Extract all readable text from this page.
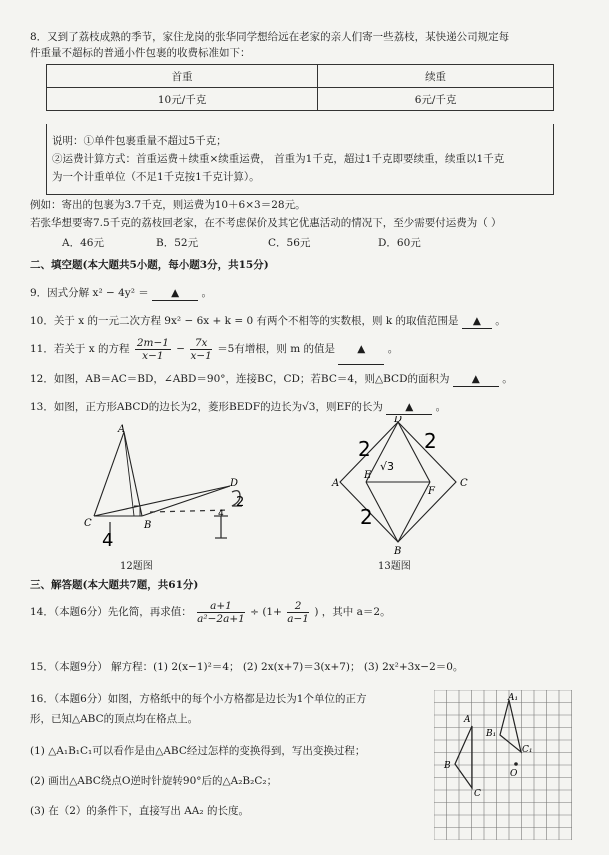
8．又到了荔枝成熟的季节，家住龙岗的张华同学想给远在老家的亲人们寄一些荔枝，某快递公司规定每
件重量不超标的普通小件包裹的收费标准如下：
首重	续重
10元/千克	6元/千克
说明：①单件包裹重量不超过5千克；
②运费计算方式：首重运费＋续重×续重运费， 首重为1千克，超过1千克即要续重，续重以1千克
为一个计重单位（不足1千克按1千克计算）。
例如：寄出的包裹为3.7千克，则运费为10＋6×3＝28元。
若张华想要寄7.5千克的荔枝回老家，在不考虑保价及其它优惠活动的情况下，至少需要付运费为（ ）
A．46元	B．52元	C．56元	D．60元
二、填空题(本大题共5小题，每小题3分，共15分)
9．因式分解 x² − 4y² ＝ ▲ 。
10．关于 x 的一元二次方程 9x² − 6x + k = 0 有两个不相等的实数根，则 k 的取值范围是 ▲ 。
11．若关于 x 的方程 $\frac{2m-1}{x-1} - \frac{7x}{x-1} =5$有增根，则 m 的值是 ▲ 。
12．如图，AB＝AC＝BD，∠ABD＝90°，连接BC，CD；若BC＝4，则△BCD的面积为 ▲ 。
13．如图，正方形ABCD的边长为2，菱形BEDF的边长为√3，则EF的长为 ▲ 。
A
B
C
D
4
2
4
12题图
D
A	C
B
E
F
2	2
2
√3
13题图
三、解答题(本大题共7题，共61分)
14．（本题6分）先化简，再求值： $\frac{a+1}{\text{a²−2a+1}} \div (1+ \frac{2}{a-1}$ ) ，其中 a＝2。
15．（本题9分） 解方程：(1) 2(x−1)²＝4； (2) 2x(x+7)＝3(x+7)； (3) 2x²+3x−2＝0。
16．（本题6分）如图，方格纸中的每个小方格都是边长为1个单位的正方
形，已知△ABC的顶点均在格点上。
(1) △A₁B₁C₁可以看作是由△ABC经过怎样的变换得到，写出变换过程；
(2) 画出△ABC绕点O逆时针旋转90°后的△A₂B₂C₂；
(3) 在（2）的条件下，直接写出 AA₂ 的长度。
A
B
C
O
A₁
B₁
C₁
